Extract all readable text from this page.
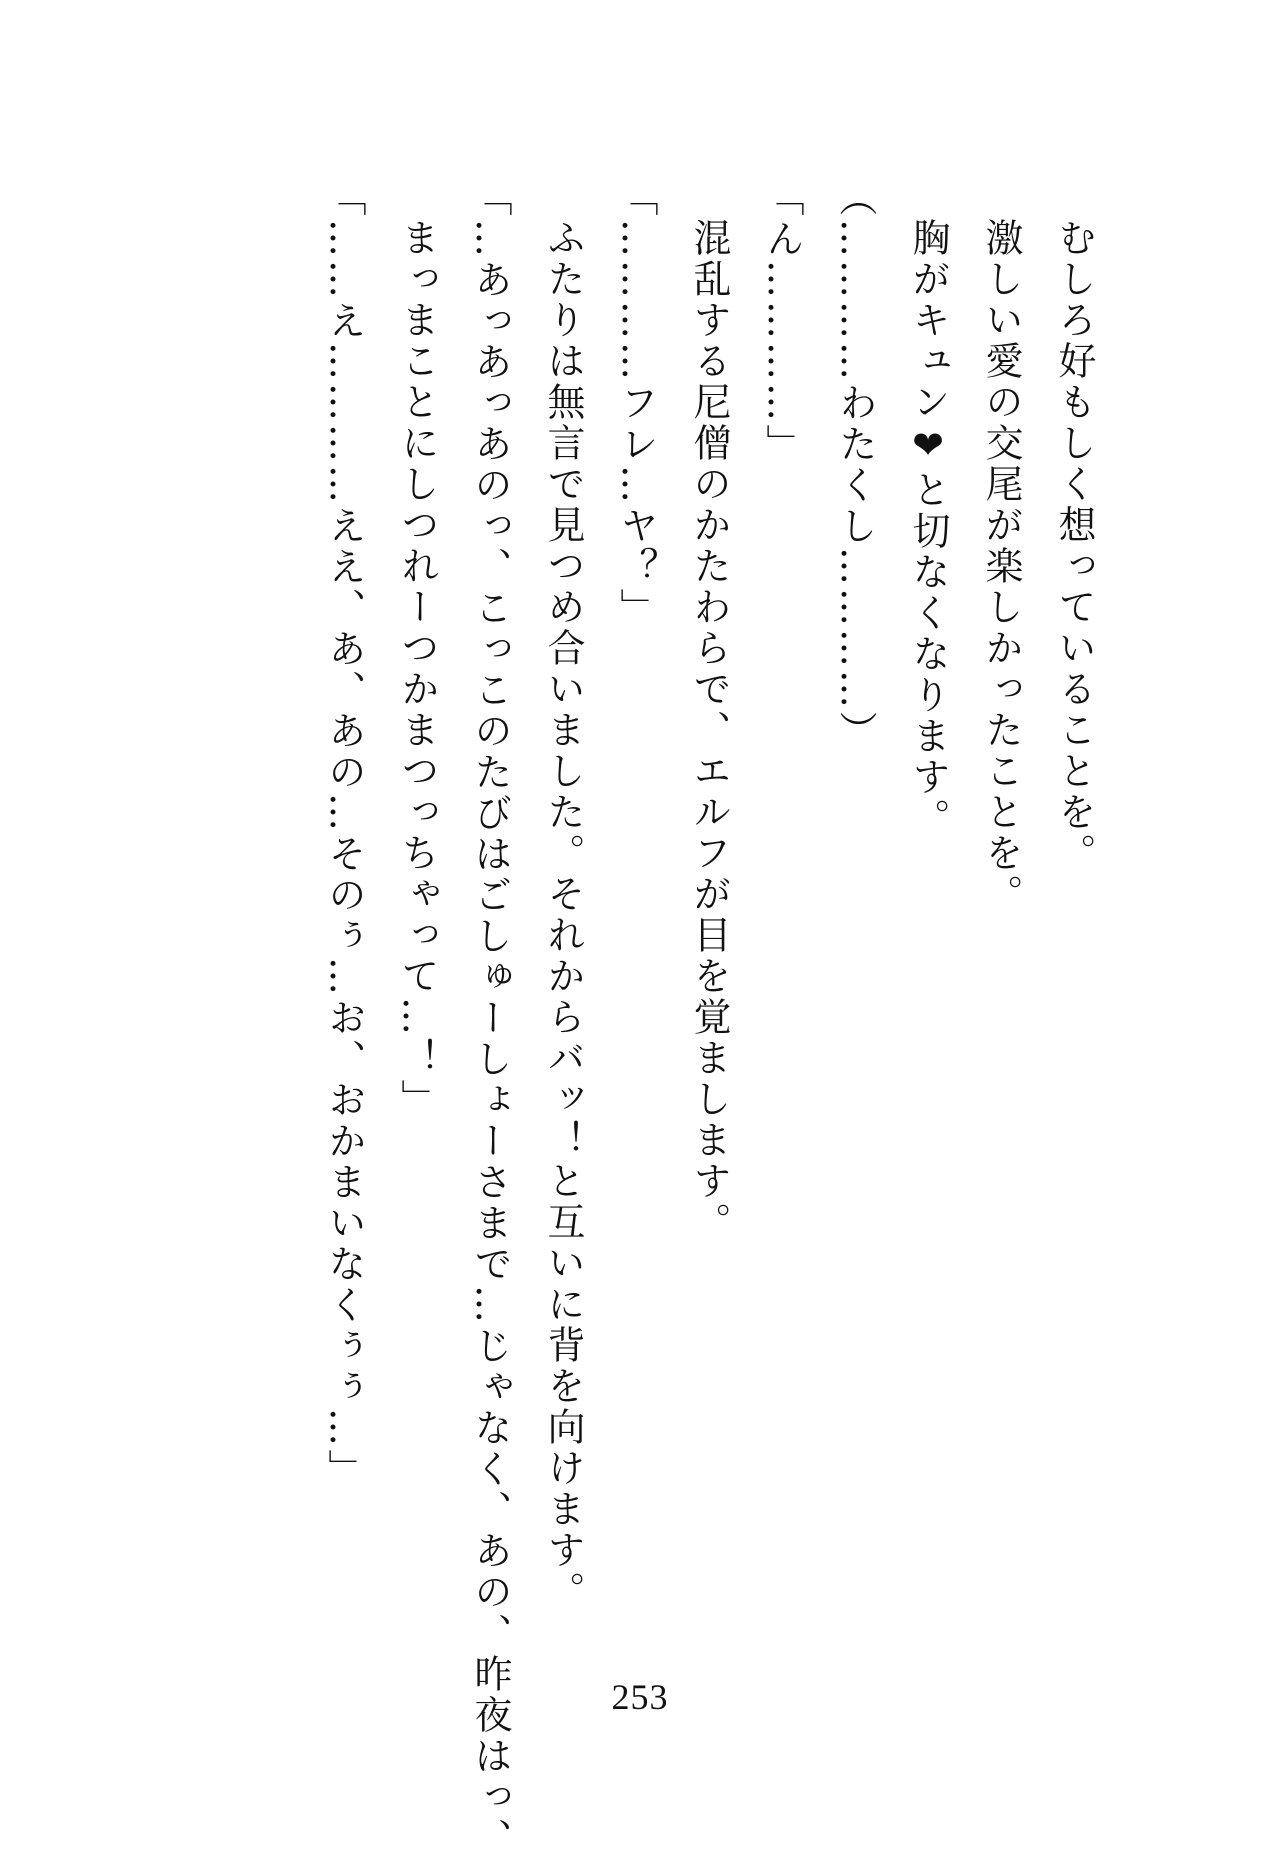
むしろ好もしく想っていることを。
激しい愛の交尾が楽しかったことを。
胸がキュン❤と切なくなります。
（…………わたくし…………）
「ん…………」
混乱する尼僧のかたわらで、エルフが目を覚まします。
「…………フレ…ヤ？」
ふたりは無言で見つめ合いました。それからバッ！と互いに背を向けます。
「…あっあっあのっ、こっこのたびはごしゅーしょーさまで…じゃなく、あの、昨夜はっ、
まっまことにしつれーつかまつっちゃって…！」
「……え…………ええ、あ、あの…そのぅ…お、おかまいなくぅぅ…」
253
